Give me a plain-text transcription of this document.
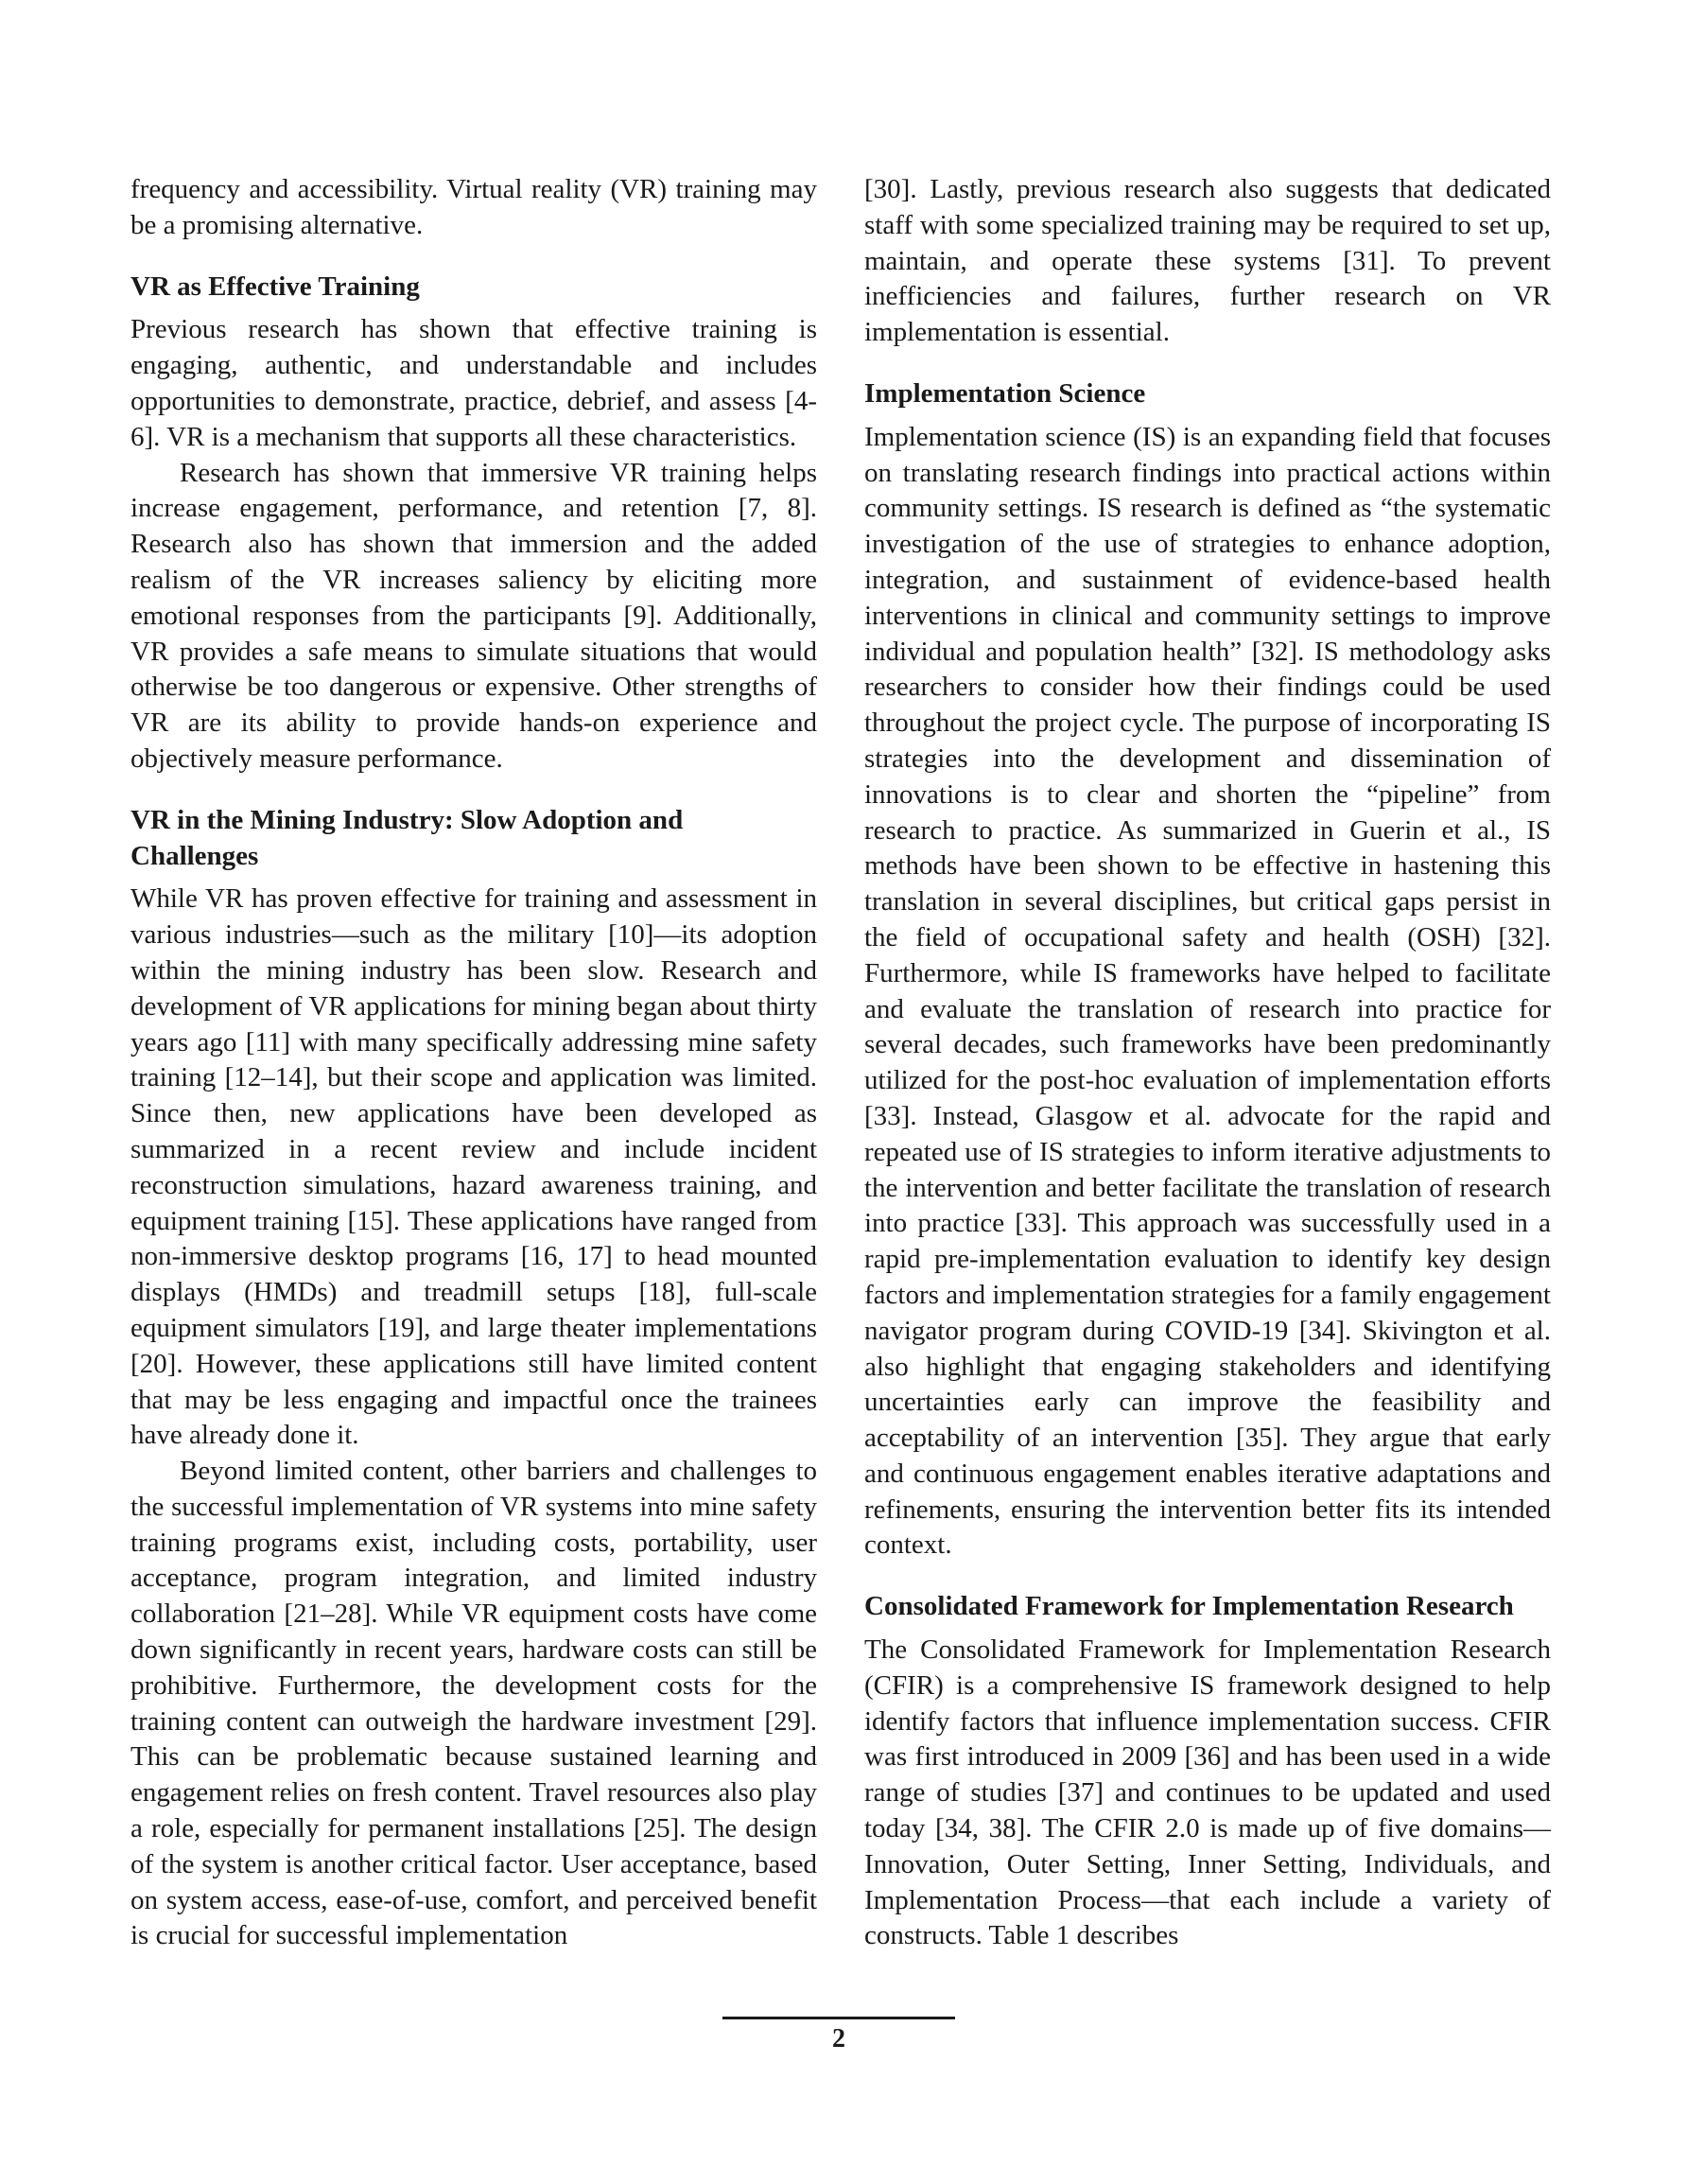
frequency and accessibility. Virtual reality (VR) training may be a promising alternative.

VR as Effective Training

Previous research has shown that effective training is engaging, authentic, and understandable and includes opportunities to demonstrate, practice, debrief, and assess [4-6]. VR is a mechanism that supports all these characteristics.

Research has shown that immersive VR training helps increase engagement, performance, and retention [7, 8]. Research also has shown that immersion and the added realism of the VR increases saliency by eliciting more emotional responses from the participants [9]. Additionally, VR provides a safe means to simulate situations that would otherwise be too dangerous or expensive. Other strengths of VR are its ability to provide hands-on experience and objectively measure performance.

VR in the Mining Industry: Slow Adoption and Challenges

While VR has proven effective for training and assessment in various industries—such as the military [10]—its adoption within the mining industry has been slow. Research and development of VR applications for mining began about thirty years ago [11] with many specifically addressing mine safety training [12–14], but their scope and application was limited. Since then, new applications have been developed as summarized in a recent review and include incident reconstruction simulations, hazard awareness training, and equipment training [15]. These applications have ranged from non-immersive desktop programs [16, 17] to head mounted displays (HMDs) and treadmill setups [18], full-scale equipment simulators [19], and large theater implementations [20]. However, these applications still have limited content that may be less engaging and impactful once the trainees have already done it.

Beyond limited content, other barriers and challenges to the successful implementation of VR systems into mine safety training programs exist, including costs, portability, user acceptance, program integration, and limited industry collaboration [21–28]. While VR equipment costs have come down significantly in recent years, hardware costs can still be prohibitive. Furthermore, the development costs for the training content can outweigh the hardware investment [29]. This can be problematic because sustained learning and engagement relies on fresh content. Travel resources also play a role, especially for permanent installations [25]. The design of the system is another critical factor. User acceptance, based on system access, ease-of-use, comfort, and perceived benefit is crucial for successful implementation

[30]. Lastly, previous research also suggests that dedicated staff with some specialized training may be required to set up, maintain, and operate these systems [31]. To prevent inefficiencies and failures, further research on VR implementation is essential.

Implementation Science

Implementation science (IS) is an expanding field that focuses on translating research findings into practical actions within community settings. IS research is defined as “the systematic investigation of the use of strategies to enhance adoption, integration, and sustainment of evidence-based health interventions in clinical and community settings to improve individual and population health” [32]. IS methodology asks researchers to consider how their findings could be used throughout the project cycle. The purpose of incorporating IS strategies into the development and dissemination of innovations is to clear and shorten the “pipeline” from research to practice. As summarized in Guerin et al., IS methods have been shown to be effective in hastening this translation in several disciplines, but critical gaps persist in the field of occupational safety and health (OSH) [32]. Furthermore, while IS frameworks have helped to facilitate and evaluate the translation of research into practice for several decades, such frameworks have been predominantly utilized for the post-hoc evaluation of implementation efforts [33]. Instead, Glasgow et al. advocate for the rapid and repeated use of IS strategies to inform iterative adjustments to the intervention and better facilitate the translation of research into practice [33]. This approach was successfully used in a rapid pre-implementation evaluation to identify key design factors and implementation strategies for a family engagement navigator program during COVID-19 [34]. Skivington et al. also highlight that engaging stakeholders and identifying uncertainties early can improve the feasibility and acceptability of an intervention [35]. They argue that early and continuous engagement enables iterative adaptations and refinements, ensuring the intervention better fits its intended context.

Consolidated Framework for Implementation Research

The Consolidated Framework for Implementation Research (CFIR) is a comprehensive IS framework designed to help identify factors that influence implementation success. CFIR was first introduced in 2009 [36] and has been used in a wide range of studies [37] and continues to be updated and used today [34, 38]. The CFIR 2.0 is made up of five domains—Innovation, Outer Setting, Inner Setting, Individuals, and Implementation Process—that each include a variety of constructs. Table 1 describes

2
